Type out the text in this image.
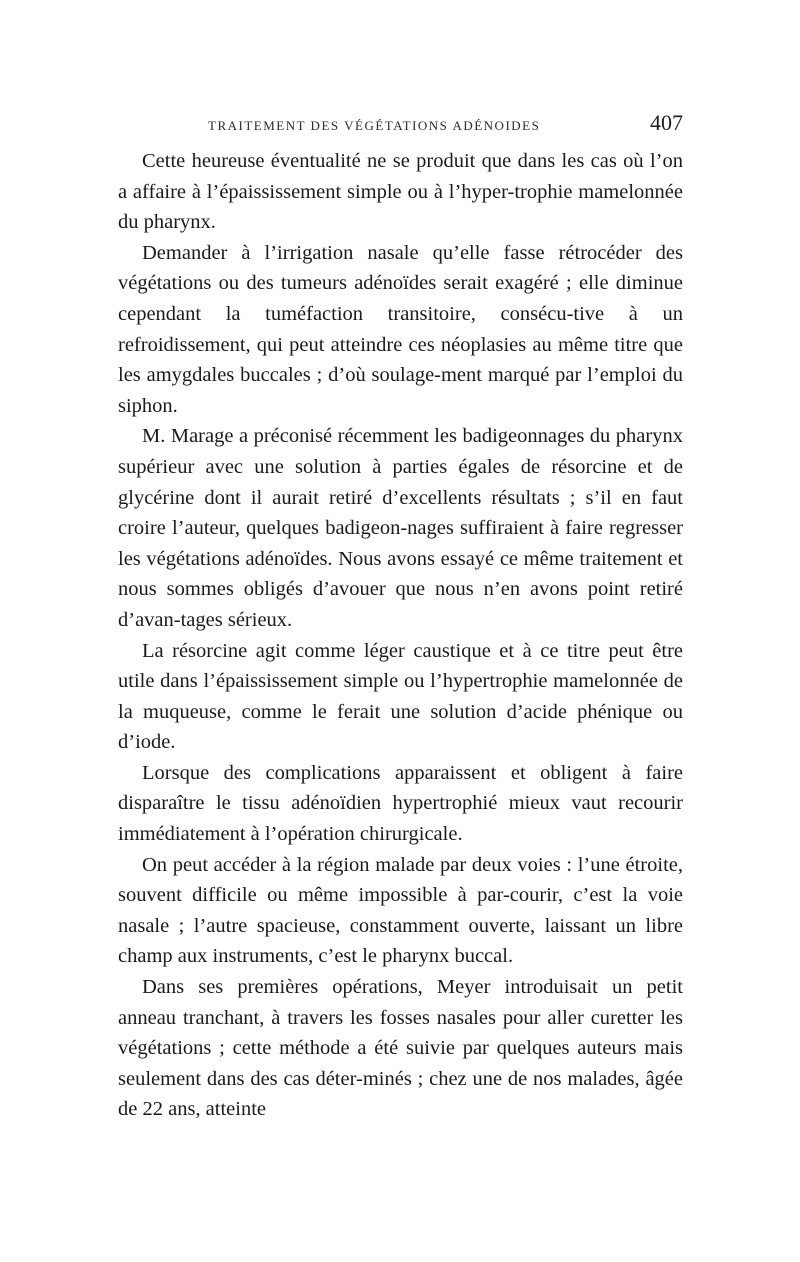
TRAITEMENT DES VÉGÉTATIONS ADÉNOIDES	407

Cette heureuse éventualité ne se produit que dans les cas où l’on a affaire à l’épaississement simple ou à l’hyper-trophie mamelonnée du pharynx.

Demander à l’irrigation nasale qu’elle fasse rétrocéder des végétations ou des tumeurs adénoïdes serait exagéré ; elle diminue cependant la tuméfaction transitoire, consécu-tive à un refroidissement, qui peut atteindre ces néoplasies au même titre que les amygdales buccales ; d’où soulage-ment marqué par l’emploi du siphon.

M. Marage a préconisé récemment les badigeonnages du pharynx supérieur avec une solution à parties égales de résorcine et de glycérine dont il aurait retiré d’excellents résultats ; s’il en faut croire l’auteur, quelques badigeon-nages suffiraient à faire regresser les végétations adénoïdes. Nous avons essayé ce même traitement et nous sommes obligés d’avouer que nous n’en avons point retiré d’avan-tages sérieux.

La résorcine agit comme léger caustique et à ce titre peut être utile dans l’épaississement simple ou l’hypertrophie mamelonnée de la muqueuse, comme le ferait une solution d’acide phénique ou d’iode.

Lorsque des complications apparaissent et obligent à faire disparaître le tissu adénoïdien hypertrophié mieux vaut recourir immédiatement à l’opération chirurgicale.

On peut accéder à la région malade par deux voies : l’une étroite, souvent difficile ou même impossible à par-courir, c’est la voie nasale ; l’autre spacieuse, constamment ouverte, laissant un libre champ aux instruments, c’est le pharynx buccal.

Dans ses premières opérations, Meyer introduisait un petit anneau tranchant, à travers les fosses nasales pour aller curetter les végétations ; cette méthode a été suivie par quelques auteurs mais seulement dans des cas déter-minés ; chez une de nos malades, âgée de 22 ans, atteinte
